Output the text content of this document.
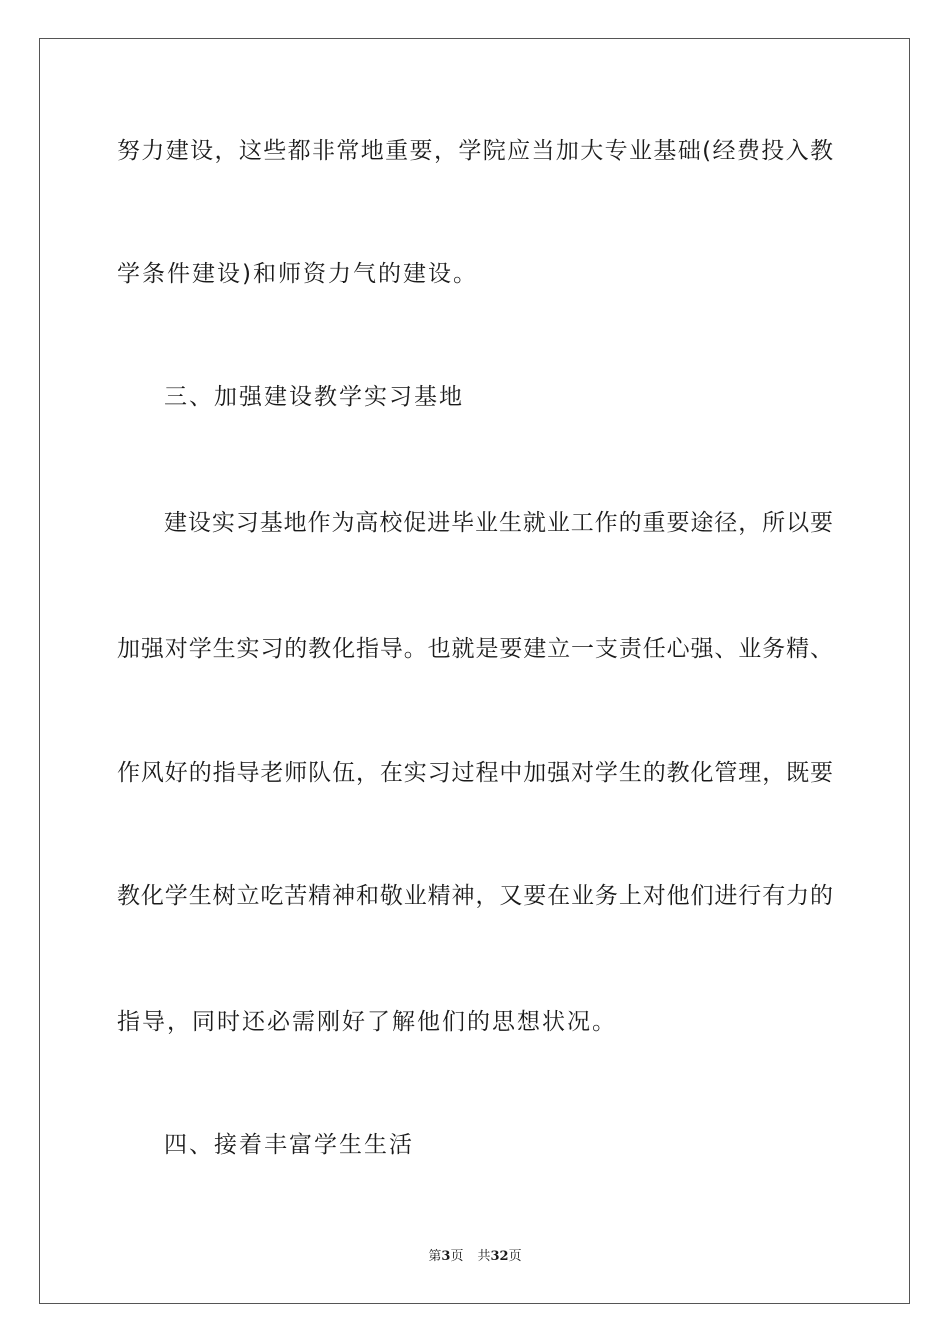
努力建设，这些都非常地重要，学院应当加大专业基础(经费投入教
学条件建设)和师资力气的建设。
三、加强建设教学实习基地
建设实习基地作为高校促进毕业生就业工作的重要途径，所以要
加强对学生实习的教化指导。也就是要建立一支责任心强、业务精、
作风好的指导老师队伍，在实习过程中加强对学生的教化管理，既要
教化学生树立吃苦精神和敬业精神，又要在业务上对他们进行有力的
指导，同时还必需刚好了解他们的思想状况。
四、接着丰富学生生活
第3页 共32页
